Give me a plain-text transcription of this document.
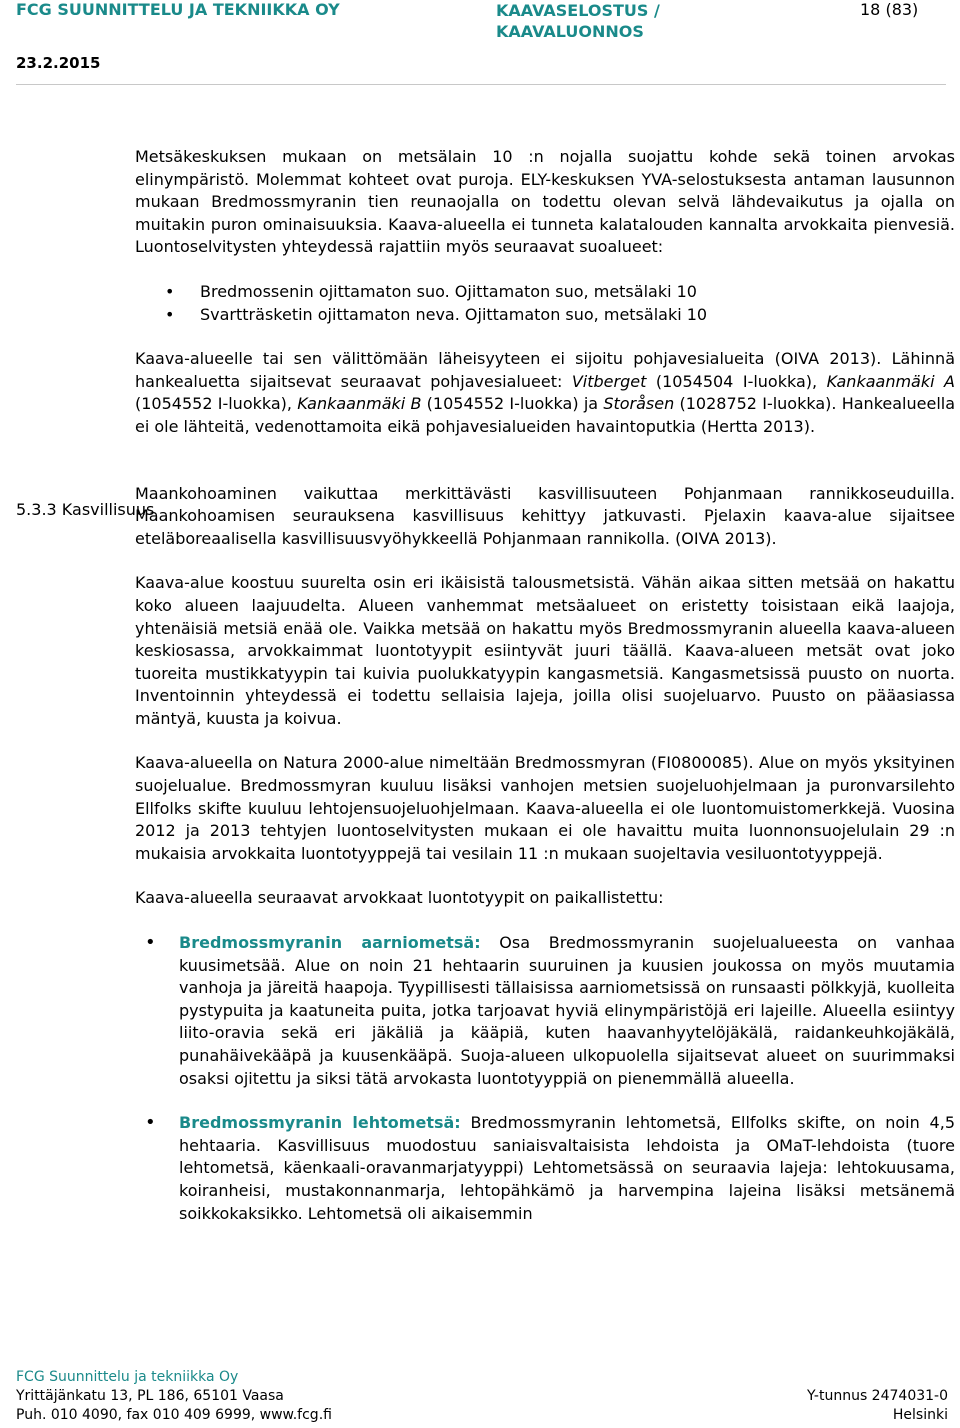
FCG SUUNNITTELU JA TEKNIIKKA OY	KAAVASELOSTUS / KAAVALUONNOS
18 (83)
23.2.2015
5.3.3 Kasvillisuus

Metsäkeskuksen mukaan on metsälain 10 :n nojalla suojattu kohde sekä toinen arvokas elinympäristö. Molemmat kohteet ovat puroja. ELY-keskuksen YVA-selostuksesta antaman lausunnon mukaan Bredmossmyranin tien reunaojalla on todettu olevan selvä lähdevaikutus ja ojalla on muitakin puron ominaisuuksia. Kaava-alueella ei tunneta kalatalouden kannalta arvokkaita pienvesiä. Luontoselvitysten yhteydessä rajattiin myös seuraavat suoalueet:

• Bredmossenin ojittamaton suo. Ojittamaton suo, metsälaki 10
• Svartträsketin ojittamaton neva. Ojittamaton suo, metsälaki 10

Kaava-alueelle tai sen välittömään läheisyyteen ei sijoitu pohjavesialueita (OIVA 2013). Lähinnä hankealuetta sijaitsevat seuraavat pohjavesialueet: Vitberget (1054504 I-luokka), Kankaanmäki A (1054552 I-luokka), Kankaanmäki B (1054552 I-luokka) ja Storåsen (1028752 I-luokka). Hankealueella ei ole lähteitä, vedenottamoita eikä pohjavesialueiden havaintoputkia (Hertta 2013).

Maankohoaminen vaikuttaa merkittävästi kasvillisuuteen Pohjanmaan rannikkoseuduilla. Maankohoamisen seurauksena kasvillisuus kehittyy jatkuvasti. Pjelaxin kaava-alue sijaitsee eteläboreaalisella kasvillisuusvyöhykkeellä Pohjanmaan rannikolla. (OIVA 2013).

Kaava-alue koostuu suurelta osin eri ikäisistä talousmetsistä. Vähän aikaa sitten metsää on hakattu koko alueen laajuudelta. Alueen vanhemmat metsäalueet on eristetty toisistaan eikä laajoja, yhtenäisiä metsiä enää ole. Vaikka metsää on hakattu myös Bredmossmyranin alueella kaava-alueen keskiosassa, arvokkaimmat luontotyypit esiintyvät juuri täällä. Kaava-alueen metsät ovat joko tuoreita mustikkatyypin tai kuivia puolukkatyypin kangasmetsiä. Kangasmetsissä puusto on nuorta. Inventoinnin yhteydessä ei todettu sellaisia lajeja, joilla olisi suojeluarvo. Puusto on pääasiassa mäntyä, kuusta ja koivua.

Kaava-alueella on Natura 2000-alue nimeltään Bredmossmyran (FI0800085). Alue on myös yksityinen suojelualue. Bredmossmyran kuuluu lisäksi vanhojen metsien suojeluohjelmaan ja puronvarsilehto Ellfolks skifte kuuluu lehtojensuojeluohjelmaan. Kaava-alueella ei ole luontomuistomerkkejä. Vuosina 2012 ja 2013 tehtyjen luontoselvitysten mukaan ei ole havaittu muita luonnonsuojelulain 29 :n mukaisia arvokkaita luontotyyppejä tai vesilain 11 :n mukaan suojeltavia vesiluontotyyppejä.

Kaava-alueella seuraavat arvokkaat luontotyypit on paikallistettu:

• Bredmossmyranin aarniometsä: Osa Bredmossmyranin suojelualueesta on vanhaa kuusimetsää. Alue on noin 21 hehtaarin suuruinen ja kuusien joukossa on myös muutamia vanhoja ja järeitä haapoja. Tyypillisesti tällaisissa aarniometsissä on runsaasti pölkkyjä, kuolleita pystypuita ja kaatuneita puita, jotka tarjoavat hyviä elinympäristöjä eri lajeille. Alueella esiintyy liito-oravia sekä eri jäkäliä ja kääpiä, kuten haavanhyytelöjäkälä, raidankeuhkojäkälä, punahäivekääpä ja kuusenkääpä. Suoja-alueen ulkopuolella sijaitsevat alueet on suurimmaksi osaksi ojitettu ja siksi tätä arvokasta luontotyyppiä on pienemmällä alueella.
• Bredmossmyranin lehtometsä: Bredmossmyranin lehtometsä, Ellfolks skifte, on noin 4,5 hehtaaria. Kasvillisuus muodostuu saniaisvaltaisista lehdoista ja OMaT-lehdoista (tuore lehtometsä, käenkaali-oravanmarjatyyppi) Lehtometsässä on seuraavia lajeja: lehtokuusama, koiranheisi, mustakonnanmarja, lehtopähkämö ja harvempina lajeina lisäksi metsänemä soikkokaksikko. Lehtometsä oli aikaisemmin
FCG Suunnittelu ja tekniikka Oy
Yrittäjänkatu 13, PL 186, 65101 Vaasa	Y-tunnus 2474031-0
Puh. 010 4090, fax 010 409 6999, www.fcg.fi	Helsinki
